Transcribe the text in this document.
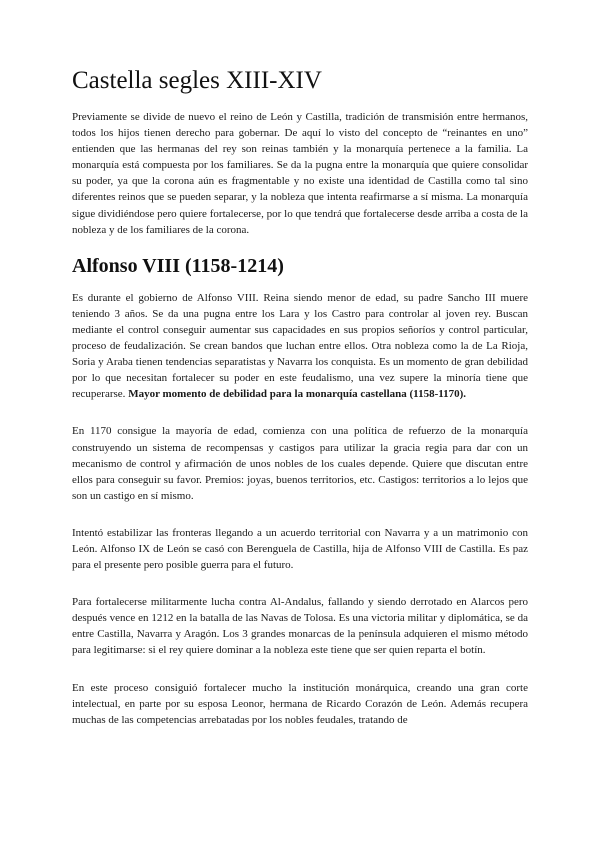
Castella segles XIII-XIV

Previamente se divide de nuevo el reino de León y Castilla, tradición de transmisión entre hermanos, todos los hijos tienen derecho para gobernar. De aquí lo visto del concepto de “reinantes en uno” entienden que las hermanas del rey son reinas también y la monarquía pertenece a la familia. La monarquía está compuesta por los familiares. Se da la pugna entre la monarquía que quiere consolidar su poder, ya que la corona aún es fragmentable y no existe una identidad de Castilla como tal sino diferentes reinos que se pueden separar, y la nobleza que intenta reafirmarse a sí misma. La monarquía sigue dividiéndose pero quiere fortalecerse, por lo que tendrá que fortalecerse desde arriba a costa de la nobleza y de los familiares de la corona.

Alfonso VIII (1158-1214)

Es durante el gobierno de Alfonso VIII. Reina siendo menor de edad, su padre Sancho III muere teniendo 3 años. Se da una pugna entre los Lara y los Castro para controlar al joven rey. Buscan mediante el control conseguir aumentar sus capacidades en sus propios señoríos y control particular, proceso de feudalización. Se crean bandos que luchan entre ellos. Otra nobleza como la de La Rioja, Soria y Araba tienen tendencias separatistas y Navarra los conquista. Es un momento de gran debilidad por lo que necesitan fortalecer su poder en este feudalismo, una vez supere la minoría tiene que recuperarse. Mayor momento de debilidad para la monarquía castellana (1158-1170).

En 1170 consigue la mayoría de edad, comienza con una política de refuerzo de la monarquía construyendo un sistema de recompensas y castigos para utilizar la gracia regia para dar con un mecanismo de control y afirmación de unos nobles de los cuales depende. Quiere que discutan entre ellos para conseguir su favor. Premios: joyas, buenos territorios, etc. Castigos: territorios a lo lejos que son un castigo en sí mismo.

Intentó estabilizar las fronteras llegando a un acuerdo territorial con Navarra y a un matrimonio con León. Alfonso IX de León se casó con Berenguela de Castilla, hija de Alfonso VIII de Castilla. Es paz para el presente pero posible guerra para el futuro.

Para fortalecerse militarmente lucha contra Al-Andalus, fallando y siendo derrotado en Alarcos pero después vence en 1212 en la batalla de las Navas de Tolosa. Es una victoria militar y diplomática, se da entre Castilla, Navarra y Aragón. Los 3 grandes monarcas de la península adquieren el mismo método para legitimarse: si el rey quiere dominar a la nobleza este tiene que ser quien reparta el botín.

En este proceso consiguió fortalecer mucho la institución monárquica, creando una gran corte intelectual, en parte por su esposa Leonor, hermana de Ricardo Corazón de León. Además recupera muchas de las competencias arrebatadas por los nobles feudales, tratando de
